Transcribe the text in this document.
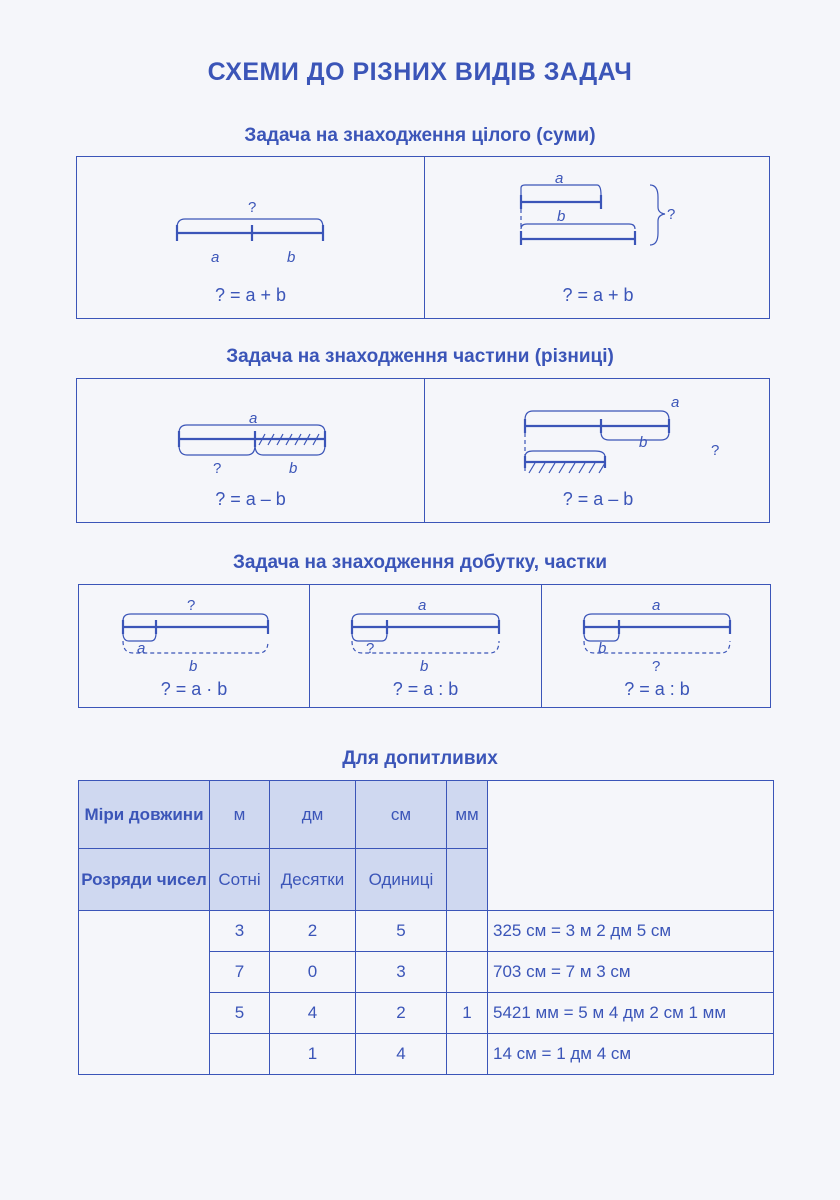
СХЕМИ ДО РІЗНИХ ВИДІВ ЗАДАЧ
Задача на знаходження цілого (суми)
?
a	b
? = a + b
a
b	?
? = a + b
Задача на знаходження частини (різниці)
a
?	b
? = a – b
a
b	?
? = a – b
Задача на знаходження добутку, частки
?
a
b
? = a · b
a
?
b
? = a : b
a
b
?
? = a : b
Для допитливих
Міри довжини	м	дм	см	мм	
Розряди чисел	Сотні	Десятки	Одиниці		
	3	2	5		325 см = 3 м 2 дм 5 см
	7	0	3		703 см = 7 м 3 см
	5	4	2	1	5421 мм = 5 м 4 дм 2 см 1 мм
		1	4		14 см = 1 дм 4 см
